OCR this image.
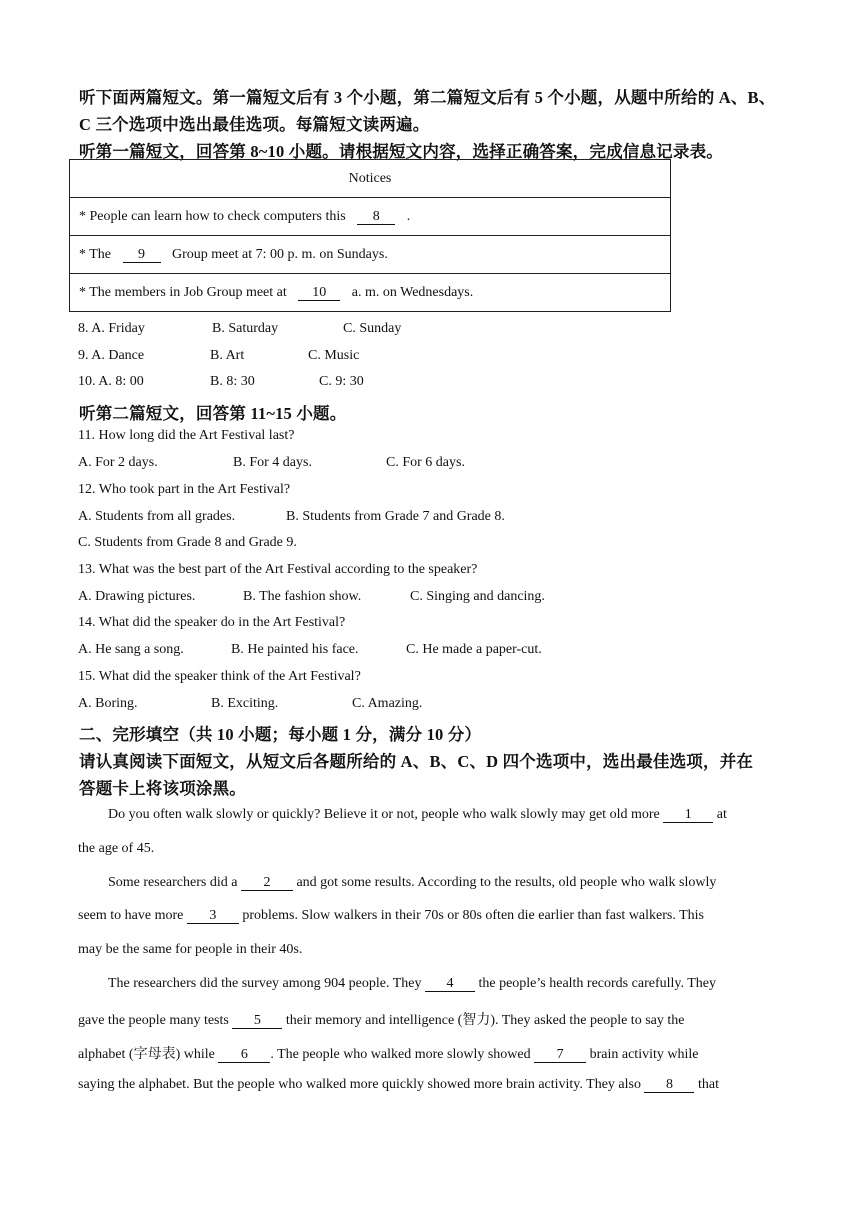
听下面两篇短文。第一篇短文后有 3 个小题，第二篇短文后有 5 个小题，从题中所给的 A、B、
C 三个选项中选出最佳选项。每篇短文读两遍。
听第一篇短文，回答第 8~10 小题。请根据短文内容，选择正确答案，完成信息记录表。
Notices
* People can learn how to check computers this 8 .
* The 9 Group meet at 7: 00 p. m. on Sundays.
* The members in Job Group meet at 10 a. m. on Wednesdays.
8. A. Friday	B. Saturday	C. Sunday
9. A. Dance	B. Art	C. Music
10. A. 8: 00	B. 8: 30	C. 9: 30
听第二篇短文，回答第 11~15 小题。
11. How long did the Art Festival last?
A. For 2 days.	B. For 4 days.	C. For 6 days.
12. Who took part in the Art Festival?
A. Students from all grades.	B. Students from Grade 7 and Grade 8.
C. Students from Grade 8 and Grade 9.
13. What was the best part of the Art Festival according to the speaker?
A. Drawing pictures.	B. The fashion show.	C. Singing and dancing.
14. What did the speaker do in the Art Festival?
A. He sang a song.	B. He painted his face.	C. He made a paper-cut.
15. What did the speaker think of the Art Festival?
A. Boring.	B. Exciting.	C. Amazing.
二、完形填空（共 10 小题；每小题 1 分，满分 10 分）
请认真阅读下面短文，从短文后各题所给的 A、B、C、D 四个选项中，选出最佳选项，并在
答题卡上将该项涂黑。
Do you often walk slowly or quickly? Believe it or not, people who walk slowly may get old more 1 at
the age of 45.
Some researchers did a 2 and got some results. According to the results, old people who walk slowly
seem to have more 3 problems. Slow walkers in their 70s or 80s often die earlier than fast walkers. This
may be the same for people in their 40s.
The researchers did the survey among 904 people. They 4 the people’s health records carefully. They
gave the people many tests 5 their memory and intelligence (智力). They asked the people to say the
alphabet (字母表) while 6 . The people who walked more slowly showed 7 brain activity while
saying the alphabet. But the people who walked more quickly showed more brain activity. They also 8 that
